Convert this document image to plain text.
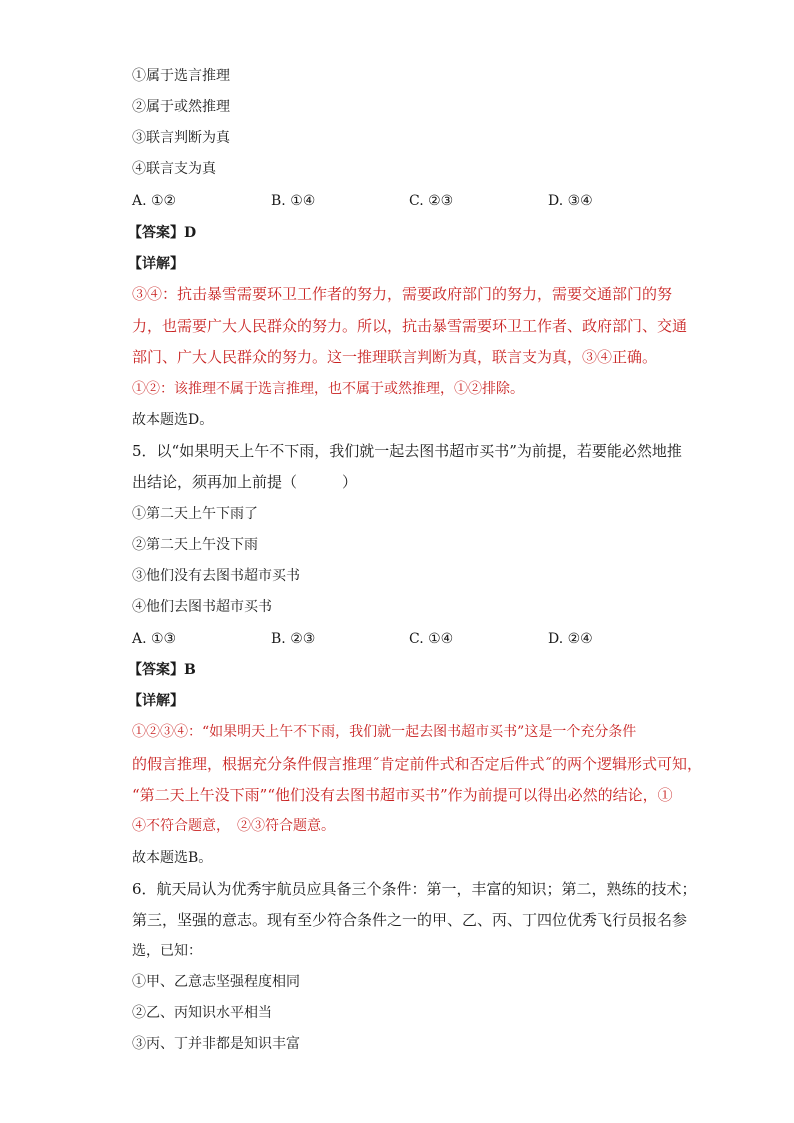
①属于选言推理
②属于或然推理
③联言判断为真
④联言支为真
A. ①②	B. ①④	C. ②③	D. ③④
【答案】D
【详解】
③④：抗击暴雪需要环卫工作者的努力，需要政府部门的努力，需要交通部门的努
力，也需要广大人民群众的努力。所以，抗击暴雪需要环卫工作者、政府部门、交通
部门、广大人民群众的努力。这一推理联言判断为真，联言支为真，③④正确。
①②：该推理不属于选言推理，也不属于或然推理，①②排除。
故本题选D。
5．以“如果明天上午不下雨，我们就一起去图书超市买书”为前提，若要能必然地推
出结论，须再加上前提（　　　）
①第二天上午下雨了
②第二天上午没下雨
③他们没有去图书超市买书
④他们去图书超市买书
A. ①③	B. ②③	C. ①④	D. ②④
【答案】B
【详解】
①②③④：“如果明天上午不下雨，我们就一起去图书超市买书”这是一个充分条件
的假言推理，根据充分条件假言推理˝肯定前件式和否定后件式˝的两个逻辑形式可知，
“第二天上午没下雨”“他们没有去图书超市买书”作为前提可以得出必然的结论，①
④不符合题意，　②③符合题意。
故本题选B。
6．航天局认为优秀宇航员应具备三个条件：第一，丰富的知识；第二，熟练的技术；
第三，坚强的意志。现有至少符合条件之一的甲、乙、丙、丁四位优秀飞行员报名参
选，已知：
①甲、乙意志坚强程度相同
②乙、丙知识水平相当
③丙、丁并非都是知识丰富
